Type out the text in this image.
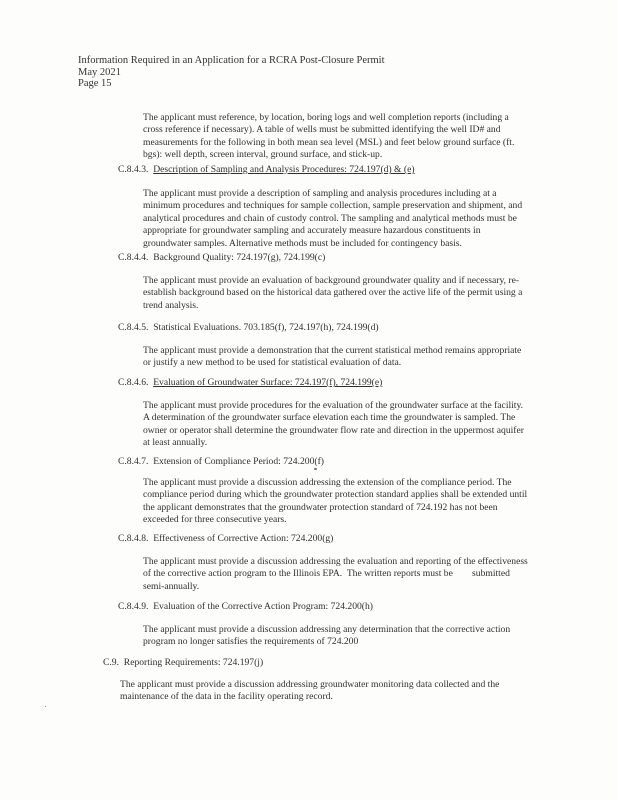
Information Required in an Application for a RCRA Post-Closure Permit
May 2021
Page 15
The applicant must reference, by location, boring logs and well completion reports (including a
cross reference if necessary). A table of wells must be submitted identifying the well ID# and
measurements for the following in both mean sea level (MSL) and feet below ground surface (ft.
bgs): well depth, screen interval, ground surface, and stick-up.
C.8.4.3. Description of Sampling and Analysis Procedures: 724.197(d) & (e)
The applicant must provide a description of sampling and analysis procedures including at a
minimum procedures and techniques for sample collection, sample preservation and shipment, and
analytical procedures and chain of custody control. The sampling and analytical methods must be
appropriate for groundwater sampling and accurately measure hazardous constituents in
groundwater samples. Alternative methods must be included for contingency basis.
C.8.4.4. Background Quality: 724.197(g), 724.199(c)
The applicant must provide an evaluation of background groundwater quality and if necessary, re-
establish background based on the historical data gathered over the active life of the permit using a
trend analysis.
C.8.4.5. Statistical Evaluations. 703.185(f), 724.197(h), 724.199(d)
The applicant must provide a demonstration that the current statistical method remains appropriate
or justify a new method to be used for statistical evaluation of data.
C.8.4.6. Evaluation of Groundwater Surface: 724.197(f), 724.199(e)
The applicant must provide procedures for the evaluation of the groundwater surface at the facility.
A determination of the groundwater surface elevation each time the groundwater is sampled. The
owner or operator shall determine the groundwater flow rate and direction in the uppermost aquifer
at least annually.
C.8.4.7. Extension of Compliance Period: 724.200(f)
The applicant must provide a discussion addressing the extension of the compliance period. The
compliance period during which the groundwater protection standard applies shall be extended until
the applicant demonstrates that the groundwater protection standard of 724.192 has not been
exceeded for three consecutive years.
C.8.4.8. Effectiveness of Corrective Action: 724.200(g)
The applicant must provide a discussion addressing the evaluation and reporting of the effectiveness
of the corrective action program to the Illinois EPA.  The written reports must be        submitted
semi-annually.
C.8.4.9. Evaluation of the Corrective Action Program: 724.200(h)
The applicant must provide a discussion addressing any determination that the corrective action
program no longer satisfies the requirements of 724.200
C.9. Reporting Requirements: 724.197(j)
The applicant must provide a discussion addressing groundwater monitoring data collected and the
maintenance of the data in the facility operating record.
